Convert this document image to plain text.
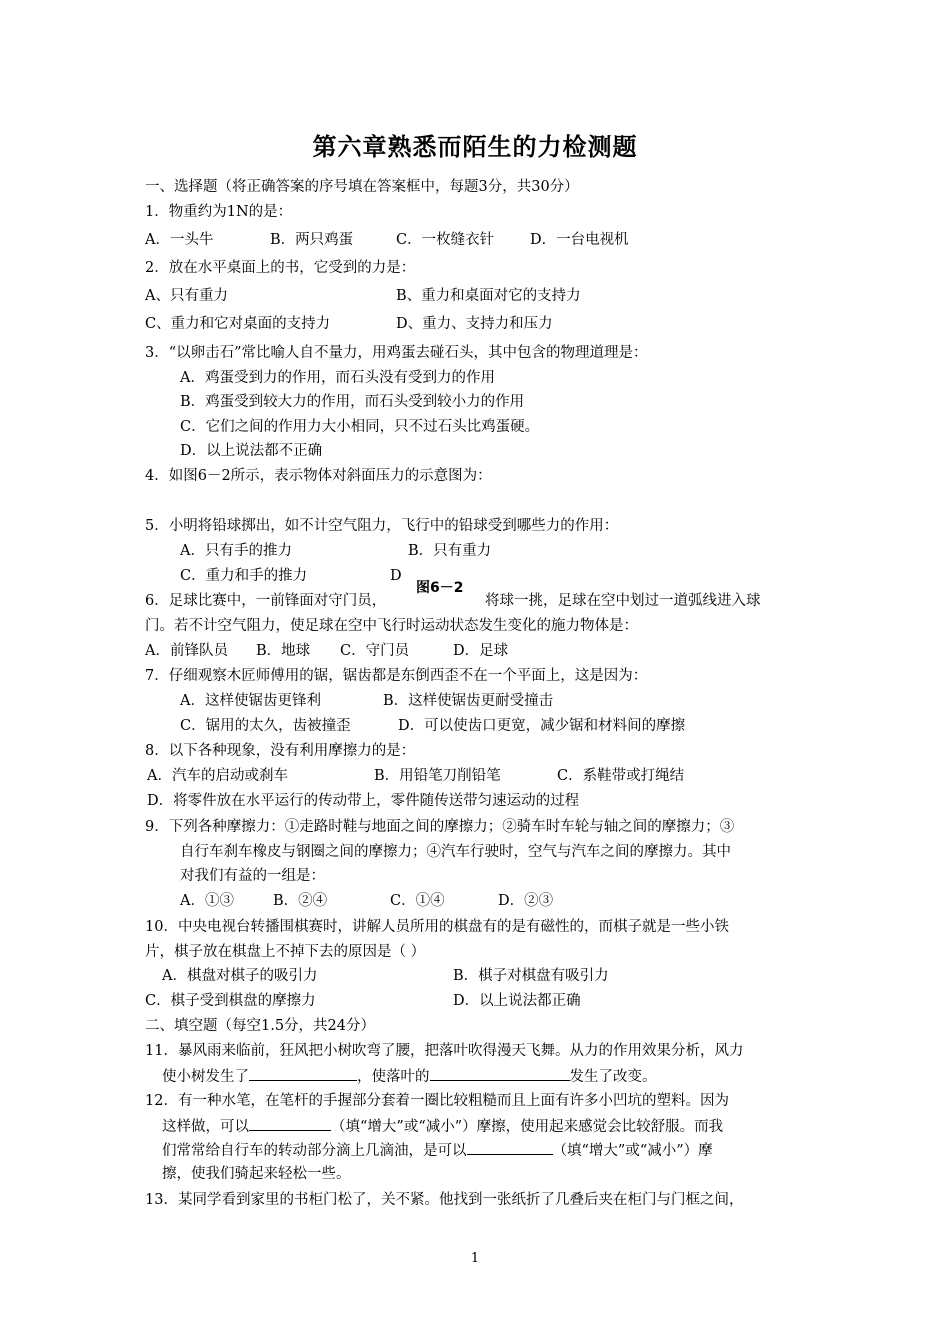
第六章熟悉而陌生的力检测题
一、选择题（将正确答案的序号填在答案框中，每题3分，共30分）
1．物重约为1N的是：
A．一头牛	B．两只鸡蛋	C．一枚缝衣针 D．一台电视机
2．放在水平桌面上的书，它受到的力是：
A、只有重力	B、重力和桌面对它的支持力
C、重力和它对桌面的支持力	D、重力、支持力和压力
3．“以卵击石”常比喻人自不量力，用鸡蛋去碰石头，其中包含的物理道理是：
A．鸡蛋受到力的作用，而石头没有受到力的作用
B．鸡蛋受到较大力的作用，而石头受到较小力的作用
C．它们之间的作用力大小相同，只不过石头比鸡蛋硬。
D．以上说法都不正确
4．如图6－2所示，表示物体对斜面压力的示意图为：
5．小明将铅球掷出，如不计空气阻力，飞行中的铅球受到哪些力的作用：
A．只有手的推力	B．只有重力
C．重力和手的推力	D
6．足球比赛中，一前锋面对守门员，	将球一挑，足球在空中划过一道弧线进入球
门。若不计空气阻力，使足球在空中飞行时运动状态发生变化的施力物体是：
A．前锋队员 B．地球 C．守门员	D．足球
7．仔细观察木匠师傅用的锯，锯齿都是东倒西歪不在一个平面上，这是因为：
A．这样使锯齿更锋利	B．这样使锯齿更耐受撞击
C．锯用的太久，齿被撞歪	D．可以使齿口更宽，减少锯和材料间的摩擦
8．以下各种现象，没有利用摩擦力的是：
A．汽车的启动或刹车	B．用铅笔刀削铅笔	C．系鞋带或打绳结
D．将零件放在水平运行的传动带上，零件随传送带匀速运动的过程
9．下列各种摩擦力：①走路时鞋与地面之间的摩擦力；②骑车时车轮与轴之间的摩擦力；③
自行车刹车橡皮与钢圈之间的摩擦力；④汽车行驶时，空气与汽车之间的摩擦力。其中
对我们有益的一组是：
A．①③	B．②④	C．①④	D．②③
10．中央电视台转播围棋赛时，讲解人员所用的棋盘有的是有磁性的，而棋子就是一些小铁
片，棋子放在棋盘上不掉下去的原因是（ ）
A．棋盘对棋子的吸引力	B．棋子对棋盘有吸引力
C．棋子受到棋盘的摩擦力	D．以上说法都正确
二、填空题（每空1.5分，共24分）
图6－2
11．暴风雨来临前，狂风把小树吹弯了腰，把落叶吹得漫天飞舞。从力的作用效果分析，风力
使小树发生了	，使落叶的	发生了改变。
12．有一种水笔，在笔杆的手握部分套着一圈比较粗糙而且上面有许多小凹坑的塑料。因为
这样做，可以	（填“增大”或“减小”）摩擦，使用起来感觉会比较舒服。而我
们常常给自行车的转动部分滴上几滴油，是可以	（填“增大”或“减小”）摩
擦，使我们骑起来轻松一些。
13．某同学看到家里的书柜门松了，关不紧。他找到一张纸折了几叠后夹在柜门与门框之间，
1
